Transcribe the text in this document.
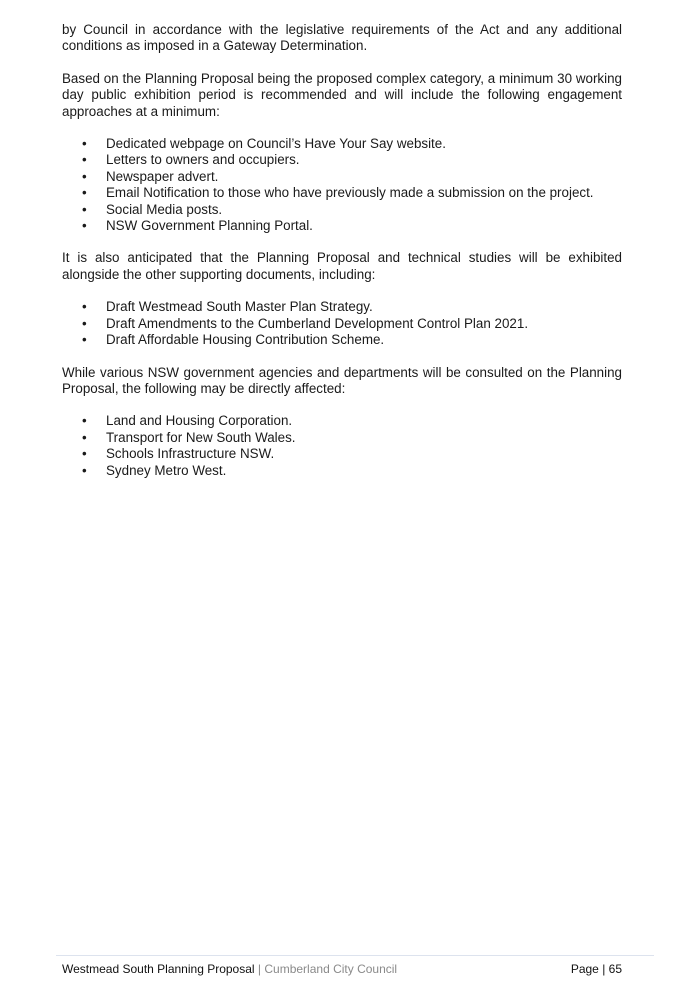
by Council in accordance with the legislative requirements of the Act and any additional conditions as imposed in a Gateway Determination.

Based on the Planning Proposal being the proposed complex category, a minimum 30 working day public exhibition period is recommended and will include the following engagement approaches at a minimum:

• Dedicated webpage on Council’s Have Your Say website.
• Letters to owners and occupiers.
• Newspaper advert.
• Email Notification to those who have previously made a submission on the project.
• Social Media posts.
• NSW Government Planning Portal.

It is also anticipated that the Planning Proposal and technical studies will be exhibited alongside the other supporting documents, including:

• Draft Westmead South Master Plan Strategy.
• Draft Amendments to the Cumberland Development Control Plan 2021.
• Draft Affordable Housing Contribution Scheme.

While various NSW government agencies and departments will be consulted on the Planning Proposal, the following may be directly affected:

• Land and Housing Corporation.
• Transport for New South Wales.
• Schools Infrastructure NSW.
• Sydney Metro West.
Westmead South Planning Proposal | Cumberland City Council	Page | 65
